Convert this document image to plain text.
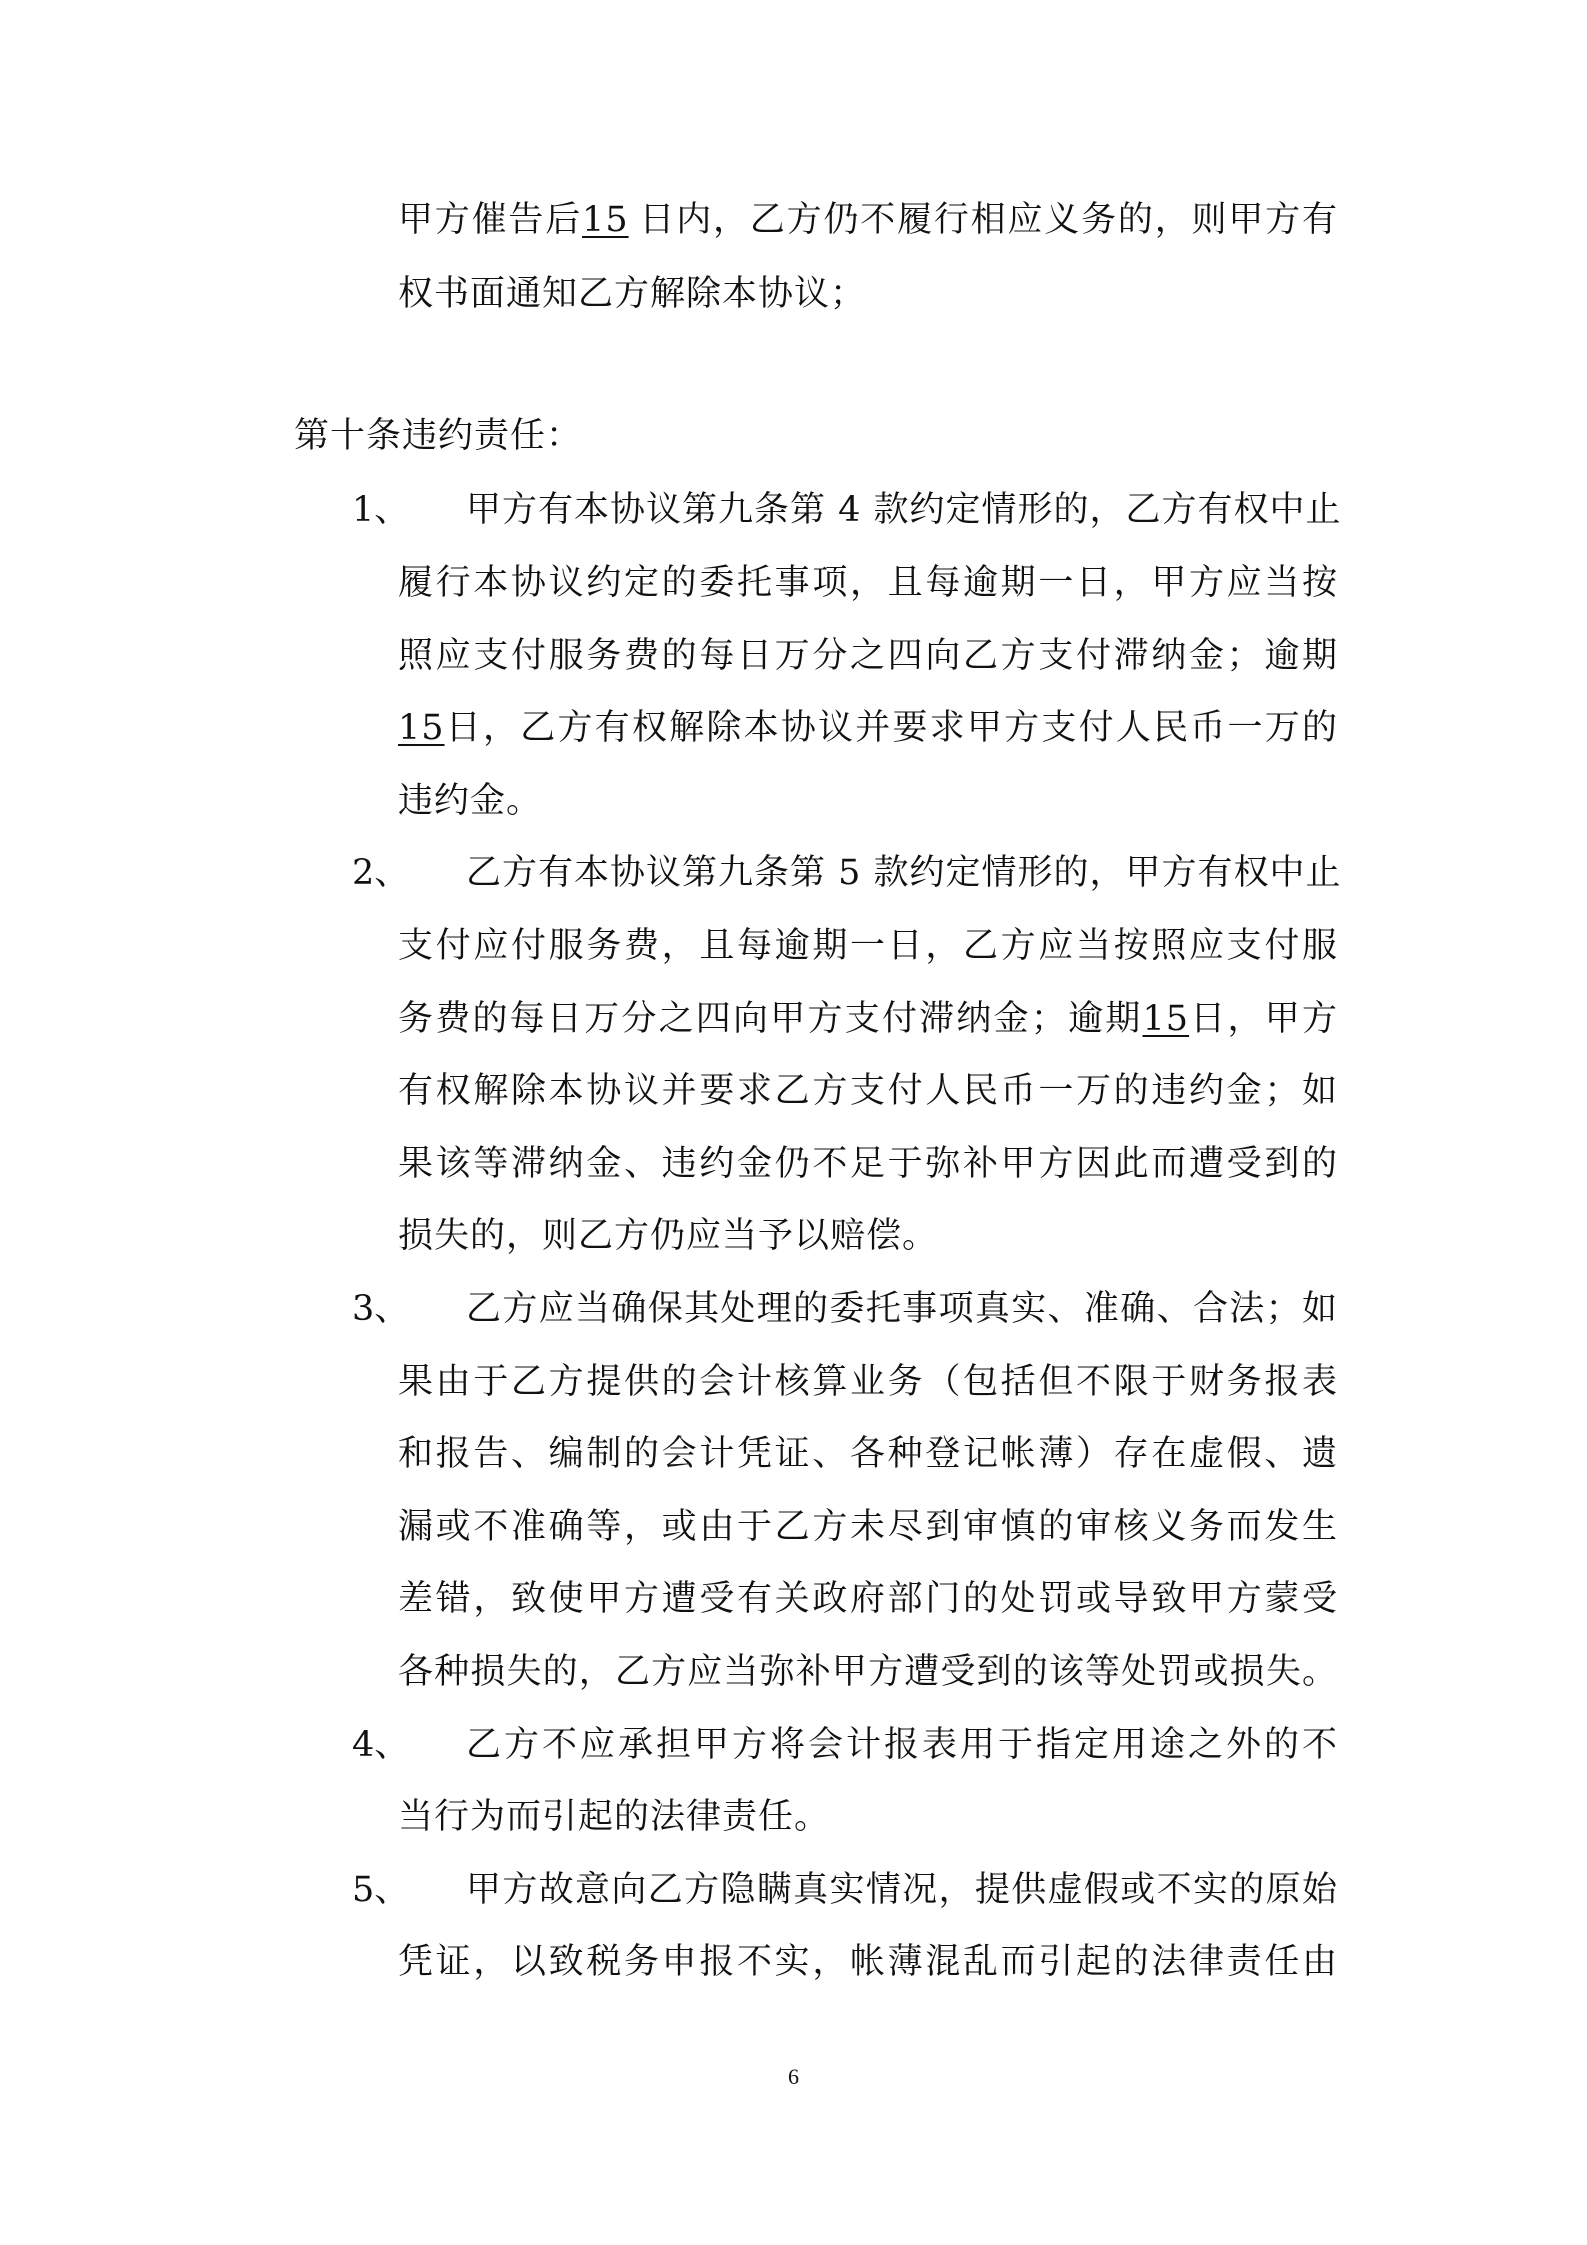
甲方催告后15 日内，乙方仍不履行相应义务的，则甲方有
权书面通知乙方解除本协议；
第十条违约责任：
1、 甲方有本协议第九条第 4 款约定情形的，乙方有权中止
履行本协议约定的委托事项，且每逾期一日，甲方应当按
照应支付服务费的每日万分之四向乙方支付滞纳金；逾期
15日，乙方有权解除本协议并要求甲方支付人民币一万的
违约金。
2、 乙方有本协议第九条第 5 款约定情形的，甲方有权中止
支付应付服务费，且每逾期一日，乙方应当按照应支付服
务费的每日万分之四向甲方支付滞纳金；逾期15日，甲方
有权解除本协议并要求乙方支付人民币一万的违约金；如
果该等滞纳金、违约金仍不足于弥补甲方因此而遭受到的
损失的，则乙方仍应当予以赔偿。
3、 乙方应当确保其处理的委托事项真实、准确、合法；如
果由于乙方提供的会计核算业务（包括但不限于财务报表
和报告、编制的会计凭证、各种登记帐薄）存在虚假、遗
漏或不准确等，或由于乙方未尽到审慎的审核义务而发生
差错，致使甲方遭受有关政府部门的处罚或导致甲方蒙受
各种损失的，乙方应当弥补甲方遭受到的该等处罚或损失。
4、 乙方不应承担甲方将会计报表用于指定用途之外的不
当行为而引起的法律责任。
5、 甲方故意向乙方隐瞒真实情况，提供虚假或不实的原始
凭证，以致税务申报不实，帐薄混乱而引起的法律责任由
6
